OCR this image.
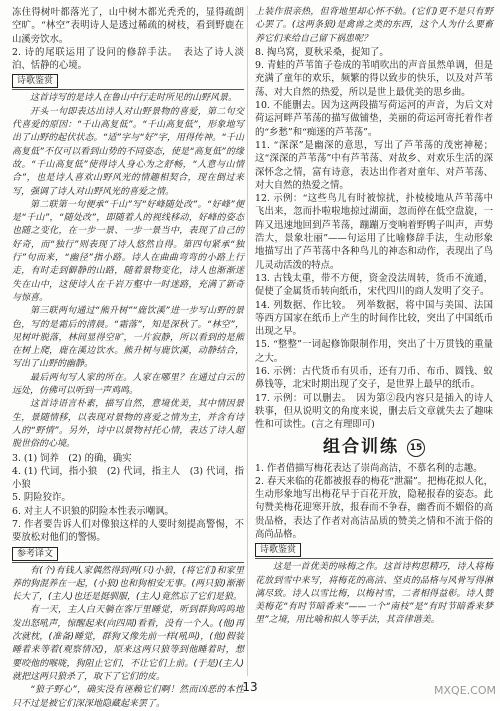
冻住得树叶都落光了，山中树木都光秃秃的，显得疏朗空旷。“林空”表明诗人是透过稀疏的树枝，看到野鹿在山溪旁饮水。

2. 诗的尾联运用了设问的修辞手法。　表达了诗人淡泊、恬静的心境。

诗歌鉴赏

这首诗写的是诗人在鲁山中行走时所见的山野风景。

开头一句即表达出诗人对山野景物的喜爱，第二句交代喜爱的原因：“千山高复低”。“千山高复低”，形象地写出了山野的起伏状态。“适”字与“好”字，用得传神。“千山高复低”不仅可以看到山势的不同姿态，使是“高复低”的缘故。“千山高复低”使得诗人身心为之舒畅，“人意与山情合”，也是诗人喜欢山野风光的情趣相契合，现在倒过来写，强调了诗人对山野风光的喜爱之情。

第二联第一句便承“千山”写“好峰随处改”。“好峰”便是“千山”，“随处改”，即随着人的视线移动，好峰的姿态也随之变化，在一步一景、一步一景当中，表现了自己的好奇，而“独行”则表现了诗人悠然自得。第四句紧承“独行”句而来，“幽径”指小路。诗人在曲曲弯弯的小路上行走，有时走到僻静的山路，随着景物变化，诗人也渐渐迷失在山中，这使诗人在千岩万壑中一时迷路，充满了新奇与惊喜。

第三联两句通过“熊升树”“鹿饮溪”进一步写山野的景色，写的是霜后的清晨。“霜落”，知是深秋了。“林空”，见树叶脱落，林间显得空旷，一片寂静，所以看到的是熊在树上爬，鹿在溪边饮水。熊升树与鹿饮溪，动静结合，写出了山野的幽静。

最后两句写人家的所在。人家在哪里？在通过白云的远处，仿佛可以听到一声鸡鸣。

这首诗语言朴素，描写自然，意境优美，其中情因景生，景随情移，以表现对景物的喜爱之情为主，并含有诗人的“野情”。另外，诗中以景物衬托心情，表达了诗人超脱世俗的心境。

3. (1) 饲养　(2) 的确，确实

4. (1) 代词，指小狼　(2) 代词，指主人　(3) 代词，指小狼

5. 阴险狡诈。

6. 对主人不识狼的阴险本性表示嘲讽。

7. 作者要告诉人们对像狼这样的人要时刻提高警惕，不要放松对他们的警惕。

参考译文

有(个)有钱人家偶然得到两(只)小狼，(将它们)和家里养的狗混养在一起，(小狼)也和狗相安无事。(两只狼)渐渐长大了，(主人)也还是挺驯服，(主人)竟然忘了它们是狼。

有一天，主人白天躺在客厅里睡觉，听到群狗呜呜地发出怒吼声，惊醒起来(向四周)看看，没有一个人。(他)再次就枕，(准备)睡觉，群狗又像先前一样(吼叫)，(他)假装睡着来等着(观察情况)，原来这两只狼等到他睡着时，想要咬他的喉咙，狗阻止它们，不让它们上前。(于是)(主人)就把这两只狼杀了，取下了它们的皮。

“狼子野心”，确实没有诬赖它们啊！然而凶恶的本性只不过是被它们深深地隐藏起来罢了。

上装作很亲热，但背地里却心怀不轨。(它们)更不是只有野心罢了。(这两条狼)是禽兽之类的东西，这个人为什么要畜养它们来给自己留下祸患呢？

8. 掏乌窝，夏秋采桑，捉知了。

9. 青蛙的芦苇笛子卷成的苇哨吹出的声音虽然单调，但是充满了童年的欢乐，频繁的得以致步的快乐，以及对芦苇荡、对大自然的热爱，所以是世上最优美的思乡曲。

10. 不能删去。因为这两段描写荷运河的声音，为后文对荷运河畔芦苇荡的描写做铺垫，美丽的荷运河寄托着作者的“乡愁”和“痴迷的芦苇荡”。

11. “深深”是幽深的意思，写出了芦苇荡的茂密神秘；这“深深的芦苇荡”中有芦苇荡、对故乡、对欢乐生活的深深怀念之情，富有诗意，表达出作者对童年、对芦苇荡、对大自然的热爱之情。

12. 示例：“这些鸟儿有时被惊扰，扑棱棱地从芦苇荡中飞出来，忽而扑啦啦地掠过湖面，忽而停在低空盘旋，一阵又迅速地回到芦苇荡，蹦蹦万变响着野鸭子叫声，声势浩大，景象壮丽”——句运用了比喻修辞手法，生动形象地描写出了芦苇荡中各种鸟儿的神态和动作，表现出了鸟儿灵动活泼的特点。

13. 古钱太重，带不方便，资金没法周转，货币不流通，促使了金属货币转向纸币，宋代四川的商人发明了交子。

14. 列数据、作比较。　列举数据，将中国与美国、法国等西方国家在纸币上产生的时间作比较，突出了中国纸币出现之早。

15. “整整”一词起修饰限制作用，突出了十万贯钱的重量之大。

16. 示例：古代货币有贝币，还有刀币、布币、圆钱、蚁鼻钱等，北宋时期出现了交子，是世界上最早的纸币。

17. 示例：可以删去。　因为第②段内容只是插入的诗人轶事，但从说明文的角度来说，删去后文章就失去了趣味性和可读性。(言之有理即可)

组合训练 15

1. 作者借描写梅花表达了崇尚高洁，不慕名利的志趣。

2. 春天来临的花都被报春的梅花“泄漏”。把梅花拟人化，生动形象地写出梅花早于百花开放，隐秘报春的姿态。此句赞美梅花迎寒开放，报春而不争春，幽香而不媚俗的高贵品格，表达了作者对高洁品质的赞美之情和不流于俗的高尚品格。

诗歌鉴赏

这是一首优美的咏梅之作。这首诗构思精巧，诗人将梅花放到雪中来写，将梅花的高洁、坚贞的品格与风骨写得淋漓尽致。诗人以雪比梅，以梅衬雪，二者相得益彰。诗人赞美梅花“有时节暗香来”——一个“南枝”是“有时节暗香来梦里”之境，用比喻和拟人等手法，其音律谐美。

13	MXQE.COM
